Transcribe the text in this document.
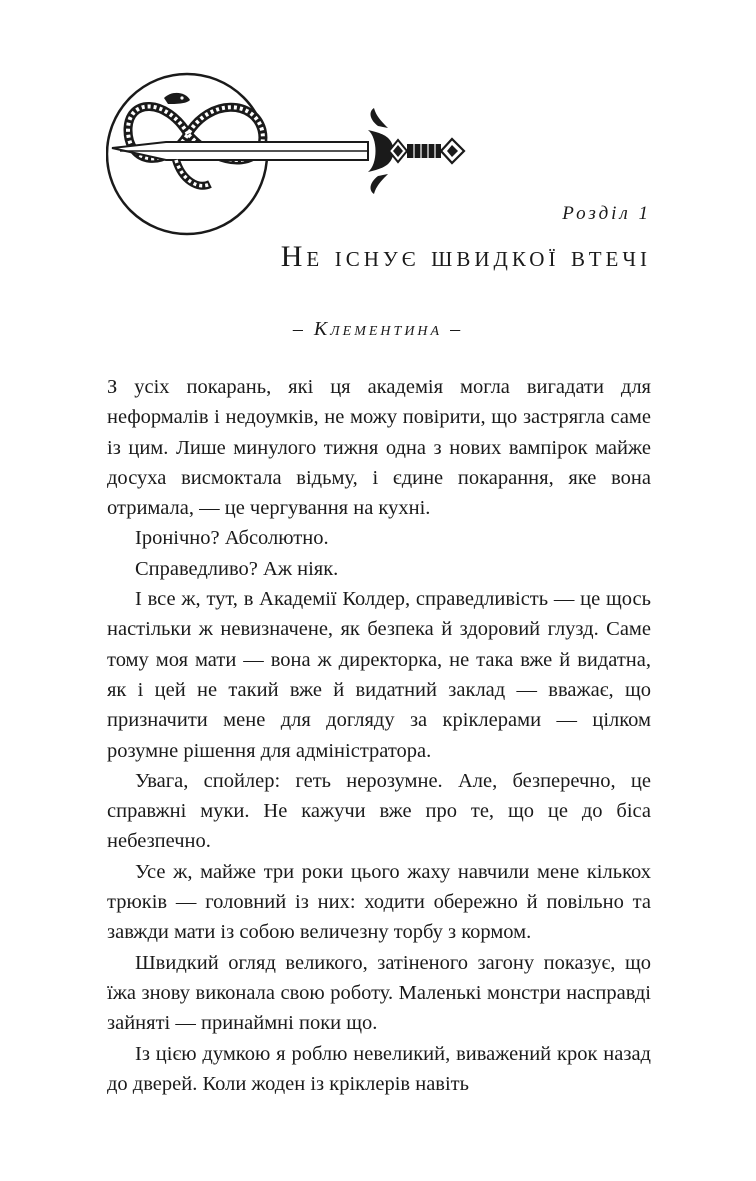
Розділ 1
Не існує швидкої втечі
– Клементина –

З усіх покарань, які ця академія могла вигадати для неформалів і недоумків, не можу повірити, що застрягла саме із цим. Лише минулого тижня одна з нових вампірок майже досуха висмоктала відьму, і єдине покарання, яке вона отримала, — це чергування на кухні.

Іронічно? Абсолютно.

Справедливо? Аж ніяк.

І все ж, тут, в Академії Колдер, справедливість — це щось настільки ж невизначене, як безпека й здоровий глузд. Саме тому моя мати — вона ж директорка, не така вже й видатна, як і цей не такий вже й видатний заклад — вважає, що призначити мене для догляду за кріклерами — цілком розумне рішення для адміністратора.

Увага, спойлер: геть нерозумне. Але, безперечно, це справжні муки. Не кажучи вже про те, що це до біса небезпечно.

Усе ж, майже три роки цього жаху навчили мене кількох трюків — головний із них: ходити обережно й повільно та завжди мати із собою величезну торбу з кормом.

Швидкий огляд великого, затіненого загону показує, що їжа знову виконала свою роботу. Маленькі монстри насправді зайняті — принаймні поки що.

Із цією думкою я роблю невеликий, виважений крок назад до дверей. Коли жоден із кріклерів навіть
